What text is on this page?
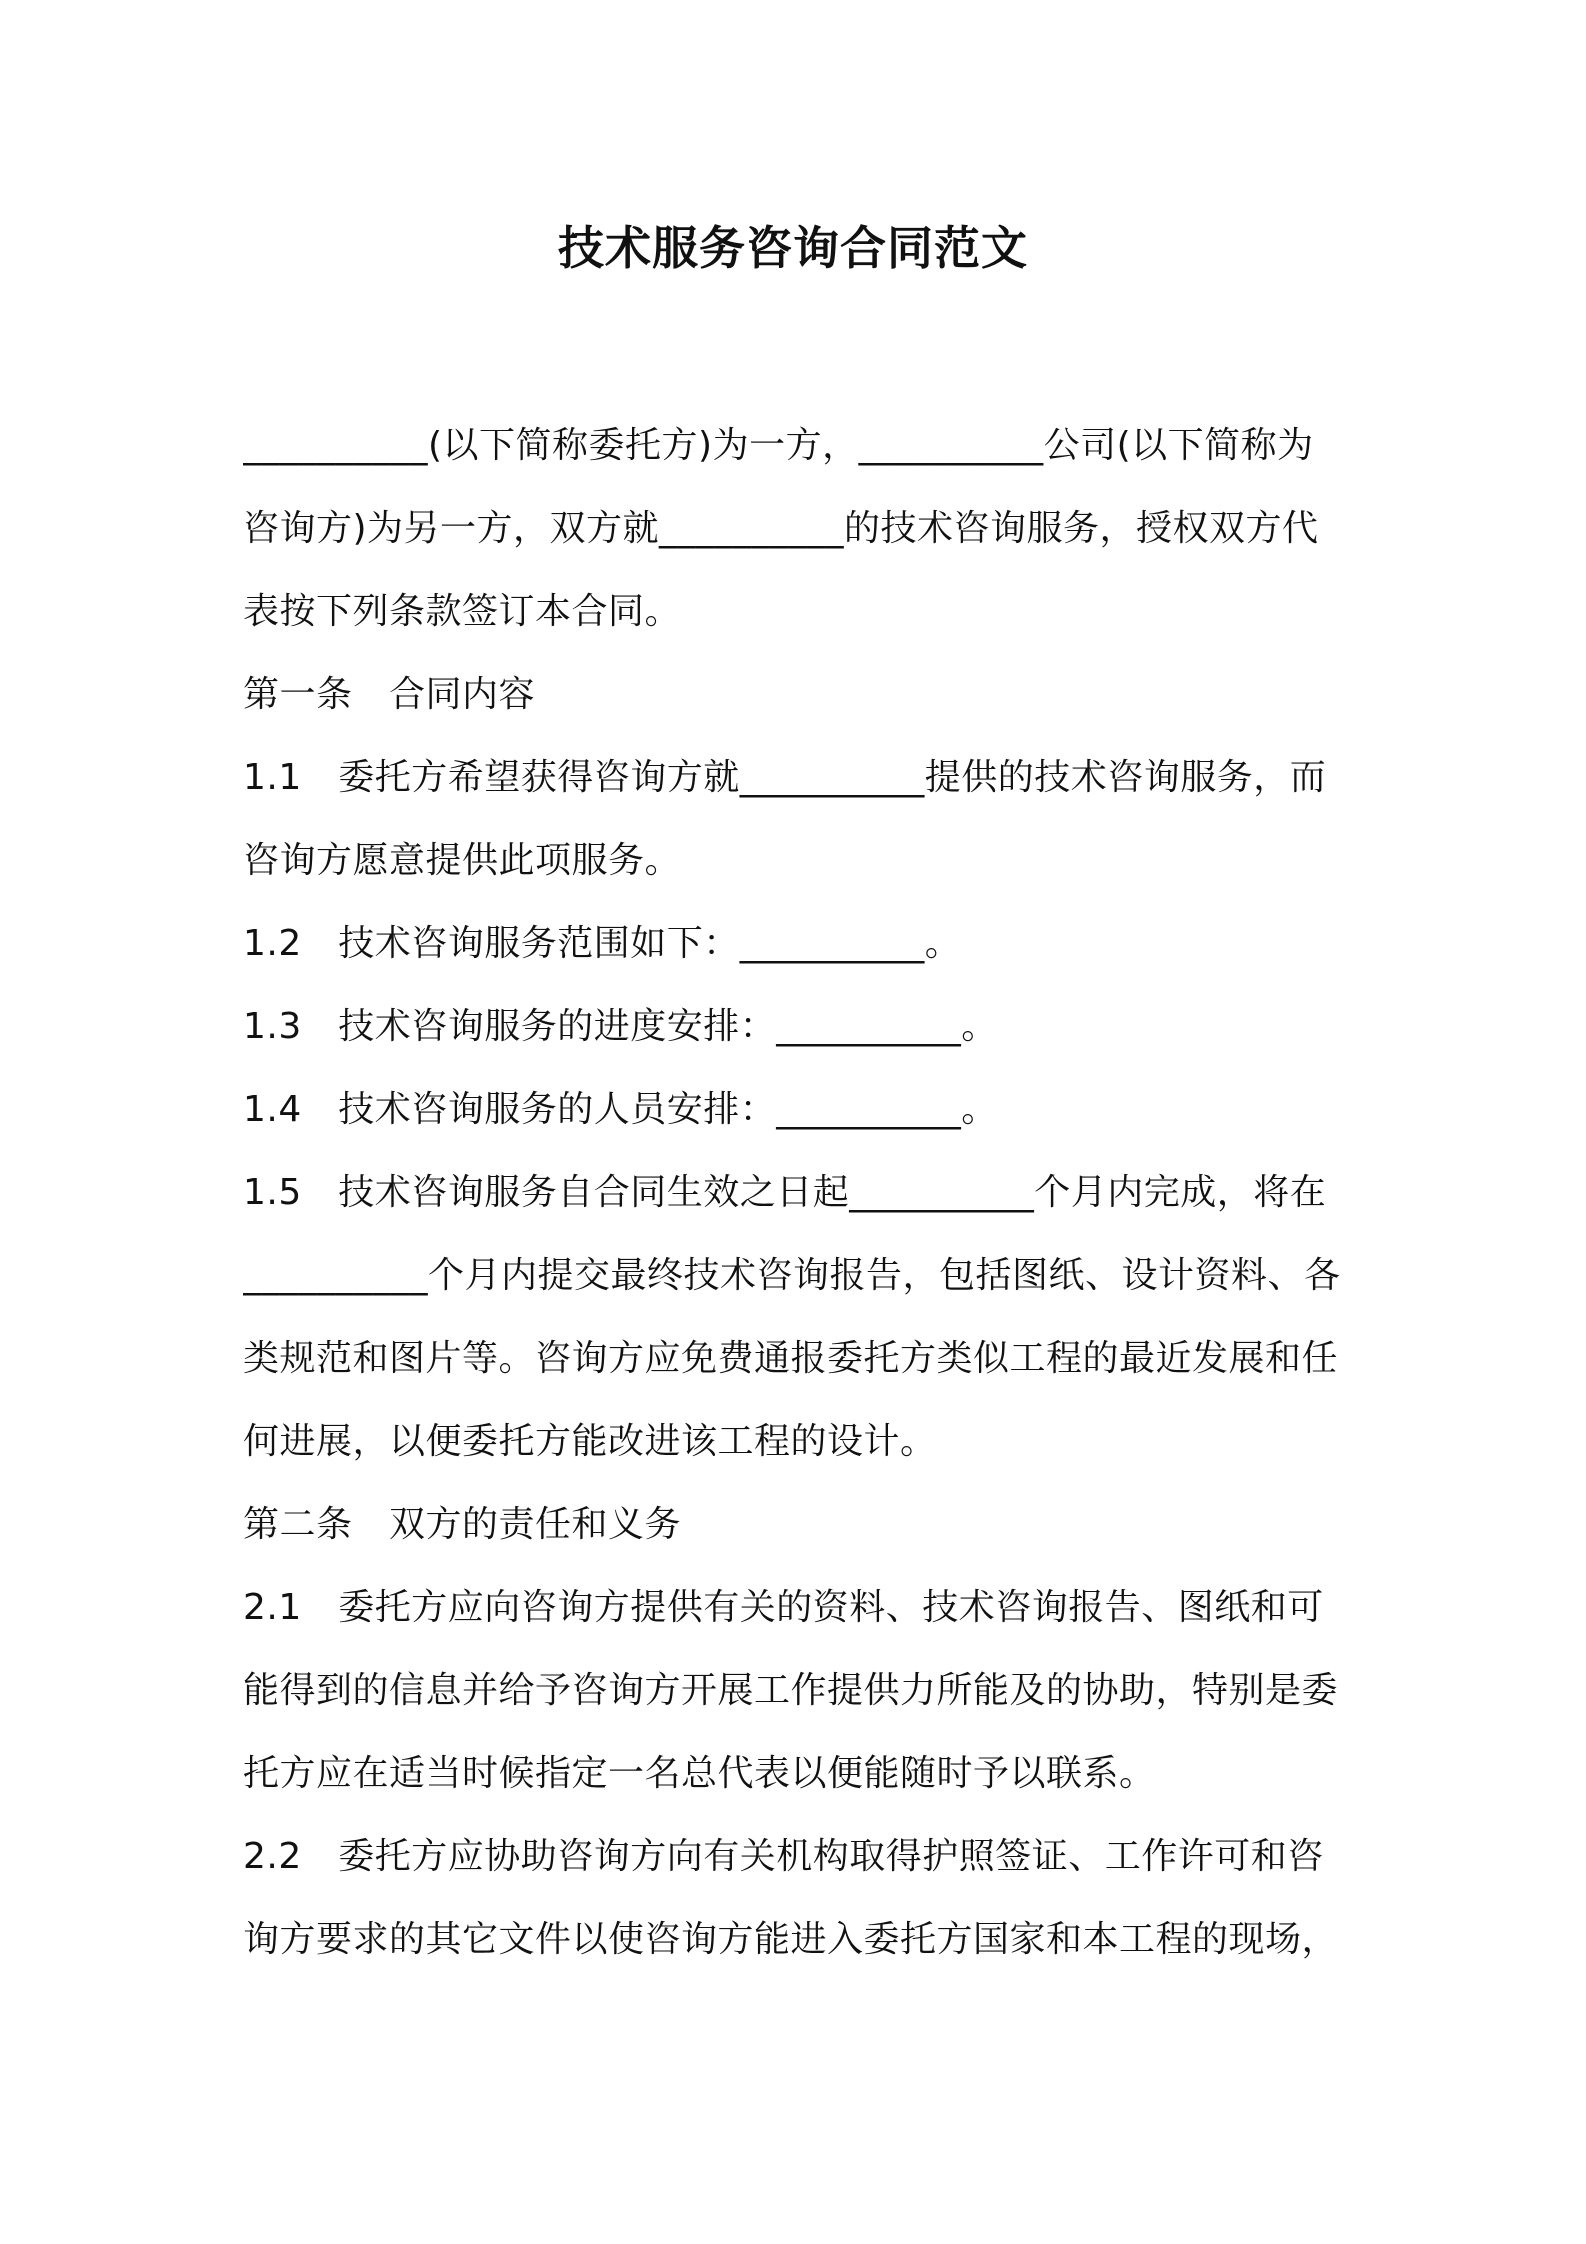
技术服务咨询合同范文
__________(以下简称委托方)为一方，__________公司(以下简称为
咨询方)为另一方，双方就__________的技术咨询服务，授权双方代
表按下列条款签订本合同。
第一条　合同内容
1.1　委托方希望获得咨询方就__________提供的技术咨询服务，而
咨询方愿意提供此项服务。
1.2　技术咨询服务范围如下：__________。
1.3　技术咨询服务的进度安排：__________。
1.4　技术咨询服务的人员安排：__________。
1.5　技术咨询服务自合同生效之日起__________个月内完成，将在
__________个月内提交最终技术咨询报告，包括图纸、设计资料、各
类规范和图片等。咨询方应免费通报委托方类似工程的最近发展和任
何进展，以便委托方能改进该工程的设计。
第二条　双方的责任和义务
2.1　委托方应向咨询方提供有关的资料、技术咨询报告、图纸和可
能得到的信息并给予咨询方开展工作提供力所能及的协助，特别是委
托方应在适当时候指定一名总代表以便能随时予以联系。
2.2　委托方应协助咨询方向有关机构取得护照签证、工作许可和咨
询方要求的其它文件以使咨询方能进入委托方国家和本工程的现场，
